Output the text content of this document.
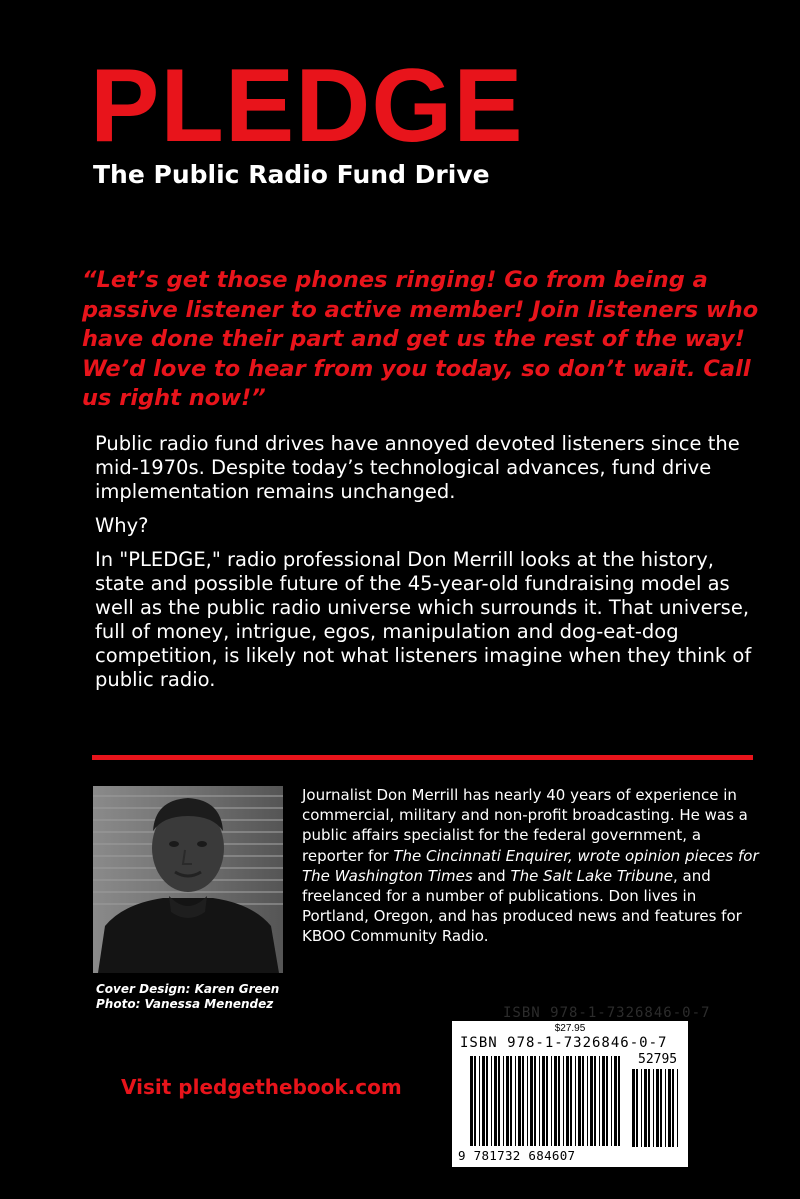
PLEDGE
The Public Radio Fund Drive
“Let’s get those phones ringing! Go from being a passive listener to active member! Join listeners who have done their part and get us the rest of the way! We’d love to hear from you today, so don’t wait. Call us right now!”

Public radio fund drives have annoyed devoted listeners since the mid-1970s. Despite today’s technological advances, fund drive implementation remains unchanged.

Why?

In "PLEDGE," radio professional Don Merrill looks at the history, state and possible future of the 45-year-old fundraising model as well as the public radio universe which surrounds it. That universe, full of money, intrigue, egos, manipulation and dog-eat-dog competition, is likely not what listeners imagine when they think of public radio.

Cover Design: Karen Green
Photo: Vanessa Menendez
Journalist Don Merrill has nearly 40 years of experience in commercial, military and non-profit broadcasting. He was a public affairs specialist for the federal government, a reporter for The Cincinnati Enquirer, wrote opinion pieces for The Washington Times and The Salt Lake Tribune, and freelanced for a number of publications. Don lives in Portland, Oregon, and has produced news and features for KBOO Community Radio.
Visit pledgethebook.com
ISBN 978-1-7326846-0-7
$27.95
ISBN 978-1-7326846-0-7
52795
9 781732 684607
